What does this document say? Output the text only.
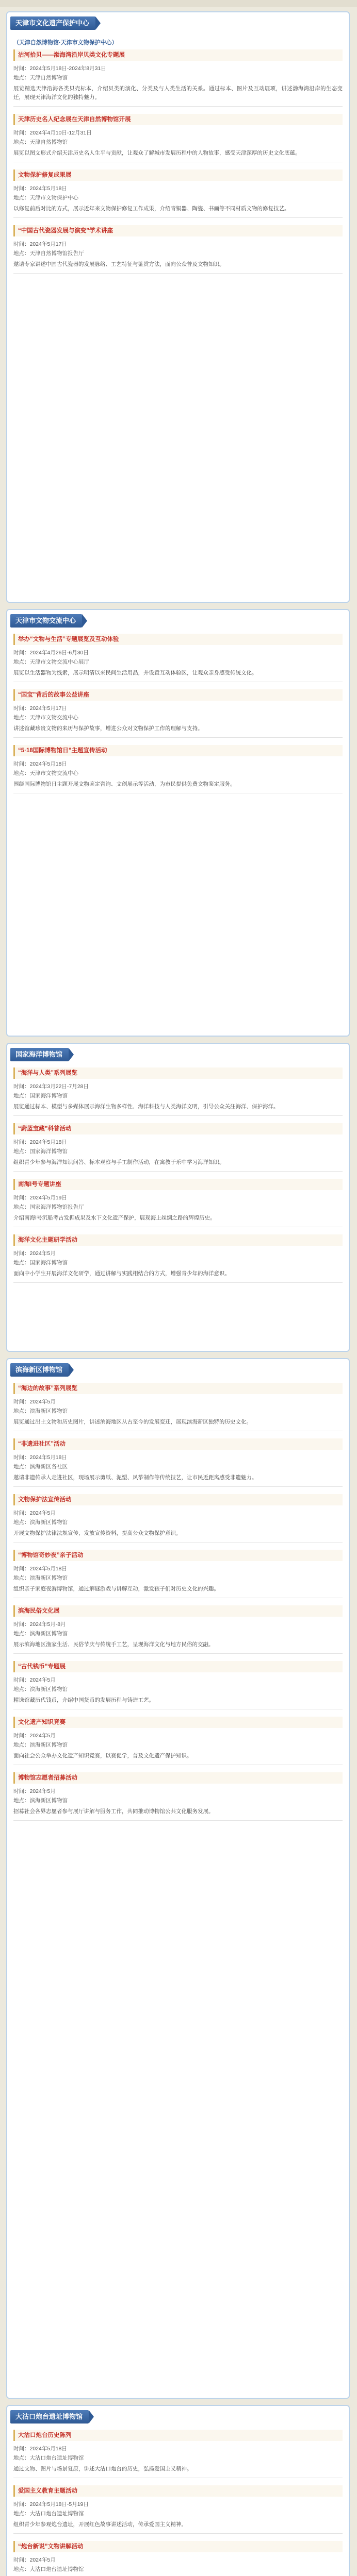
天津市文化遗产保护中心
（天津自然博物馆·天津市文物保护中心）
沽河拾贝——渤海湾沿岸贝类文化专题展
时间：2024年5月18日-2024年8月31日
地点：天津自然博物馆
展览精选天津沿海各类贝壳标本，介绍贝类的演化、分类及与人类生活的关系。通过标本、图片及互动展项，讲述渤海湾沿岸的生态变迁，展现天津海洋文化的独特魅力。
天津历史名人纪念展在天津自然博物馆开展
时间：2024年4月10日-12月31日
地点：天津自然博物馆
展览以图文形式介绍天津历史名人生平与贡献，让观众了解城市发展历程中的人物故事，感受天津深厚的历史文化底蕴。
文物保护修复成果展
时间：2024年5月18日
地点：天津市文物保护中心
以修复前后对比的方式，展示近年来文物保护修复工作成果，介绍青铜器、陶瓷、书画等不同材质文物的修复技艺。
“中国古代瓷器发展与演变”学术讲座
时间：2024年5月17日
地点：天津自然博物馆报告厅
邀请专家讲述中国古代瓷器的发展脉络、工艺特征与鉴赏方法，面向公众普及文物知识。
天津市文物交流中心
举办“文物与生活”专题展览及互动体验
时间：2024年4月26日-6月30日
地点：天津市文物交流中心展厅
展览以生活器物为线索，展示明清以来民间生活用品，并设置互动体验区，让观众亲身感受传统文化。
“国宝”背后的故事公益讲座
时间：2024年5月17日
地点：天津市文物交流中心
讲述馆藏珍贵文物的来历与保护故事，增进公众对文物保护工作的理解与支持。
“5·18国际博物馆日”主题宣传活动
时间：2024年5月18日
地点：天津市文物交流中心
围绕国际博物馆日主题开展文物鉴定咨询、文创展示等活动，为市民提供免费文物鉴定服务。
国家海洋博物馆
“海洋与人类”系列展览
时间：2024年3月22日-7月28日
地点：国家海洋博物馆
展览通过标本、模型与多媒体展示海洋生物多样性、海洋科技与人类海洋文明，引导公众关注海洋、保护海洋。
“蔚蓝宝藏”科普活动
时间：2024年5月18日
地点：国家海洋博物馆
组织青少年参与海洋知识问答、标本观察与手工制作活动，在寓教于乐中学习海洋知识。
南海Ⅰ号专题讲座
时间：2024年5月19日
地点：国家海洋博物馆报告厅
介绍南海Ⅰ号沉船考古发掘成果及水下文化遗产保护，展现海上丝绸之路的辉煌历史。
海洋文化主题研学活动
时间：2024年5月
地点：国家海洋博物馆
面向中小学生开展海洋文化研学，通过讲解与实践相结合的方式，增强青少年的海洋意识。
滨海新区博物馆
“海边的故事”系列展览
时间：2024年5月
地点：滨海新区博物馆
展览通过出土文物和历史图片，讲述滨海地区从古至今的发展变迁，展现滨海新区独特的历史文化。
“非遗进社区”活动
时间：2024年5月18日
地点：滨海新区各社区
邀请非遗传承人走进社区，现场展示剪纸、泥塑、风筝制作等传统技艺，让市民近距离感受非遗魅力。
文物保护法宣传活动
时间：2024年5月
地点：滨海新区博物馆
开展文物保护法律法规宣传，发放宣传资料，提高公众文物保护意识。
“博物馆奇妙夜”亲子活动
时间：2024年5月18日
地点：滨海新区博物馆
组织亲子家庭夜游博物馆，通过解谜游戏与讲解互动，激发孩子们对历史文化的兴趣。
滨海民俗文化展
时间：2024年5月-8月
地点：滨海新区博物馆
展示滨海地区渔家生活、民俗节庆与传统手工艺，呈现海洋文化与地方民俗的交融。
“古代钱币”专题展
时间：2024年5月
地点：滨海新区博物馆
精选馆藏历代钱币，介绍中国货币的发展历程与铸造工艺。
文化遗产知识竞赛
时间：2024年5月
地点：滨海新区博物馆
面向社会公众举办文化遗产知识竞赛，以赛促学，普及文化遗产保护知识。
博物馆志愿者招募活动
时间：2024年5月
地点：滨海新区博物馆
招募社会各界志愿者参与展厅讲解与服务工作，共同推动博物馆公共文化服务发展。
大沽口炮台遗址博物馆
大沽口炮台历史陈列
时间：2024年5月18日
地点：大沽口炮台遗址博物馆
通过文物、图片与场景复原，讲述大沽口炮台的历史，弘扬爱国主义精神。
爱国主义教育主题活动
时间：2024年5月18日-5月19日
地点：大沽口炮台遗址博物馆
组织青少年参观炮台遗址，开展红色故事讲述活动，传承爱国主义精神。
“炮台新说”文物讲解活动
时间：2024年5月
地点：大沽口炮台遗址博物馆
